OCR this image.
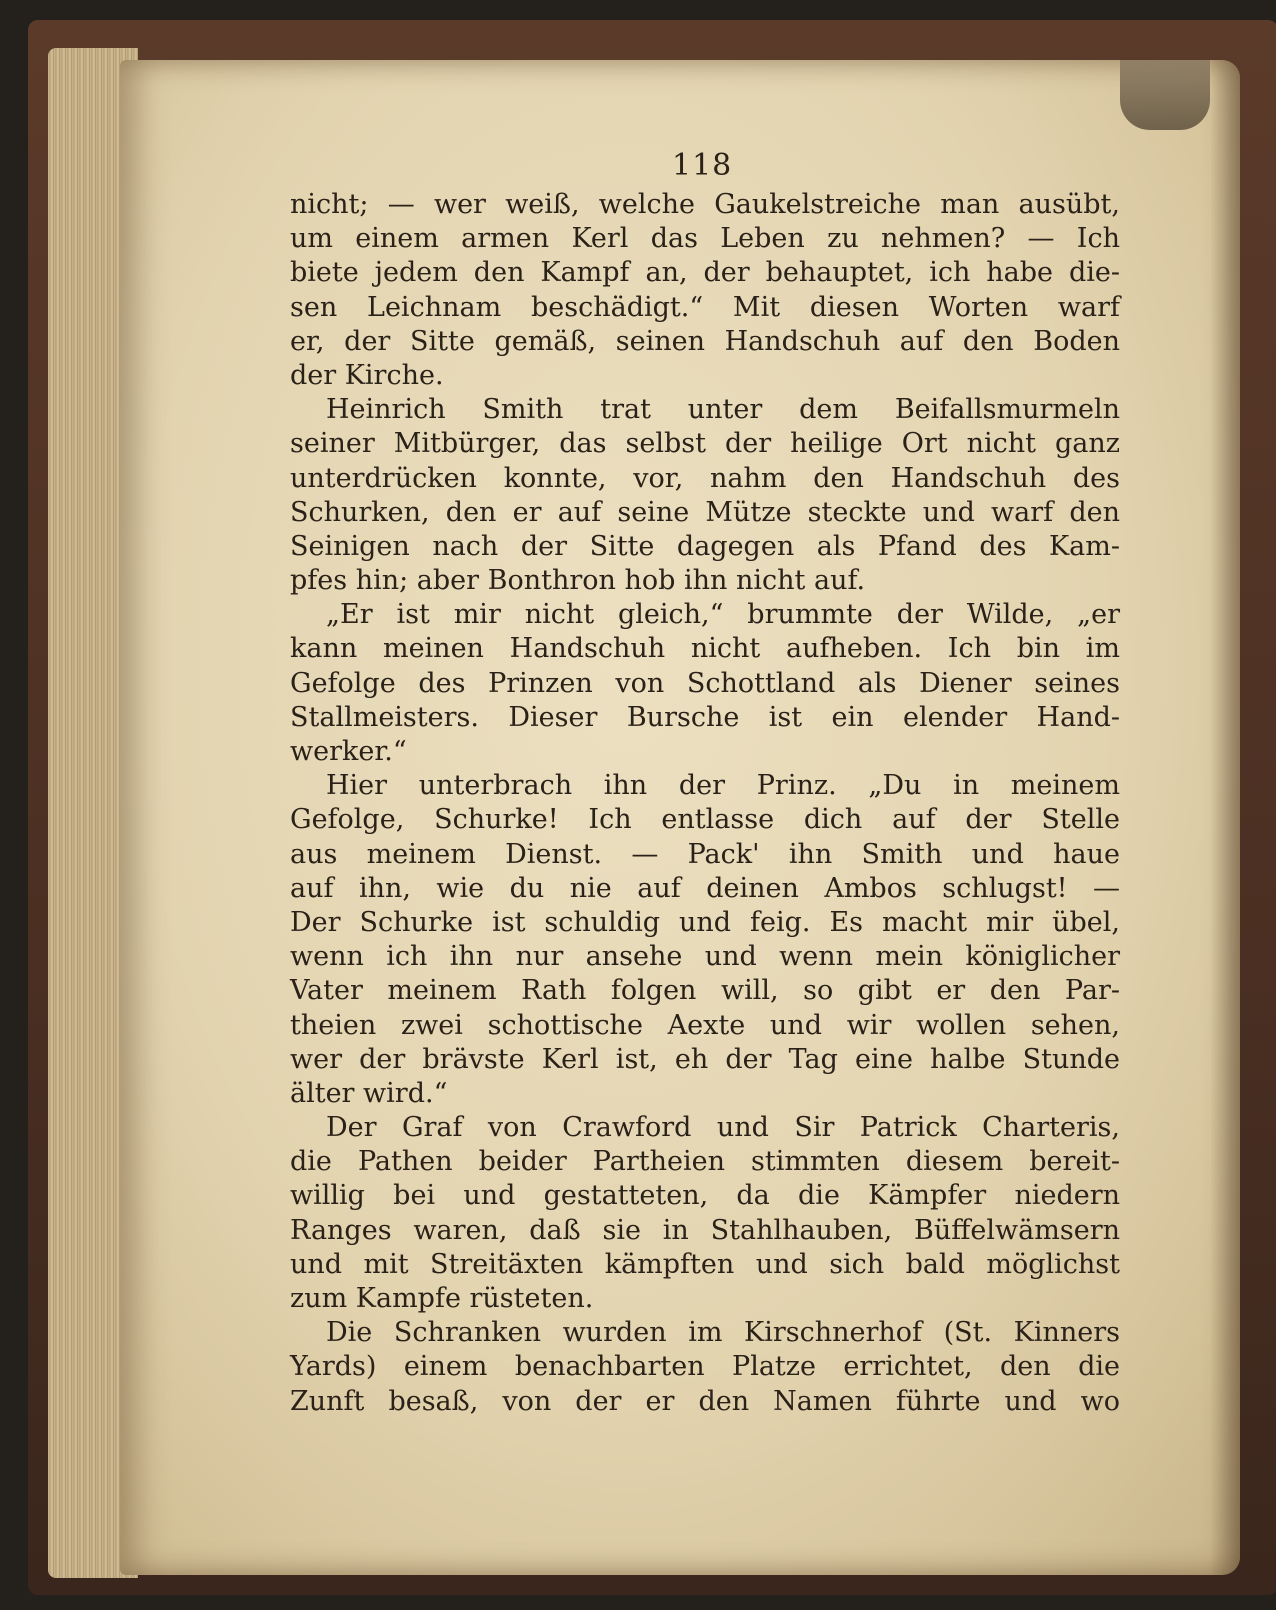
118
nicht; — wer weiß, welche Gaukelstreiche man ausübt,
um einem armen Kerl das Leben zu nehmen? — Ich
biete jedem den Kampf an, der behauptet, ich habe die-
sen Leichnam beschädigt.“ Mit diesen Worten warf
er, der Sitte gemäß, seinen Handschuh auf den Boden
der Kirche.
Heinrich Smith trat unter dem Beifallsmurmeln
seiner Mitbürger, das selbst der heilige Ort nicht ganz
unterdrücken konnte, vor, nahm den Handschuh des
Schurken, den er auf seine Mütze steckte und warf den
Seinigen nach der Sitte dagegen als Pfand des Kam-
pfes hin; aber Bonthron hob ihn nicht auf.
„Er ist mir nicht gleich,“ brummte der Wilde, „er
kann meinen Handschuh nicht aufheben. Ich bin im
Gefolge des Prinzen von Schottland als Diener seines
Stallmeisters. Dieser Bursche ist ein elender Hand-
werker.“
Hier unterbrach ihn der Prinz. „Du in meinem
Gefolge, Schurke! Ich entlasse dich auf der Stelle
aus meinem Dienst. — Pack' ihn Smith und haue
auf ihn, wie du nie auf deinen Ambos schlugst! —
Der Schurke ist schuldig und feig. Es macht mir übel,
wenn ich ihn nur ansehe und wenn mein königlicher
Vater meinem Rath folgen will, so gibt er den Par-
theien zwei schottische Aexte und wir wollen sehen,
wer der brävste Kerl ist, eh der Tag eine halbe Stunde
älter wird.“
Der Graf von Crawford und Sir Patrick Charteris,
die Pathen beider Partheien stimmten diesem bereit-
willig bei und gestatteten, da die Kämpfer niedern
Ranges waren, daß sie in Stahlhauben, Büffelwämsern
und mit Streitäxten kämpften und sich bald möglichst
zum Kampfe rüsteten.
Die Schranken wurden im Kirschnerhof (St. Kinners
Yards) einem benachbarten Platze errichtet, den die
Zunft besaß, von der er den Namen führte und wo
